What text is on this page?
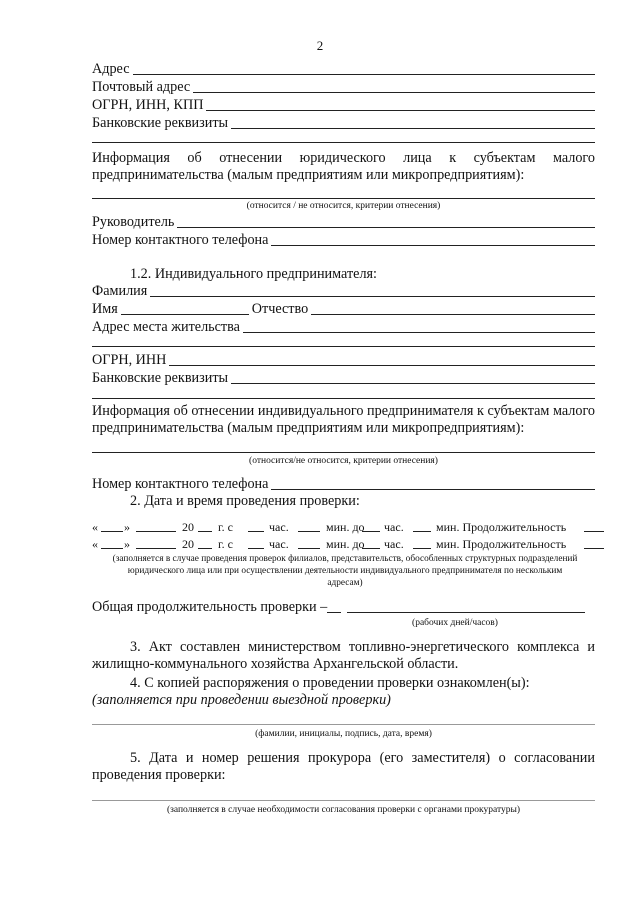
2
Адрес
Почтовый адрес
ОГРН, ИНН, КПП
Банковские реквизиты
Информация об отнесении юридического лица к субъектам малого предпринимательства (малым предприятиям или микропредприятиям):
(относится / не относится, критерии отнесения)
Руководитель
Номер контактного телефона
1.2. Индивидуального предпринимателя:
Фамилия
Имя	Отчество
Адрес места жительства
ОГРН, ИНН
Банковские реквизиты
Информация об отнесении индивидуального предпринимателя к субъектам малого предпринимательства (малым предприятиям или микропредприятиям):
(относится/не относится, критерии отнесения)
Номер контактного телефона
2. Дата и время проведения проверки:
« »	20 г. с	час.	мин. до час.	мин. Продолжительность
« »	20 г. с	час.	мин. до час.	мин. Продолжительность
(заполняется в случае проведения проверок филиалов, представительств, обособленных структурных подразделений юридического лица или при осуществлении деятельности индивидуального предпринимателя по нескольким адресам)
Общая продолжительность проверки –
(рабочих дней/часов)
3. Акт составлен министерством топливно-энергетического комплекса и жилищно-коммунального хозяйства Архангельской области.
4. С копией распоряжения о проведении проверки ознакомлен(ы):
(заполняется при проведении выездной проверки)
(фамилии, инициалы, подпись, дата, время)
5. Дата и номер решения прокурора (его заместителя) о согласовании проведения проверки:
(заполняется в случае необходимости согласования проверки с органами прокуратуры)
